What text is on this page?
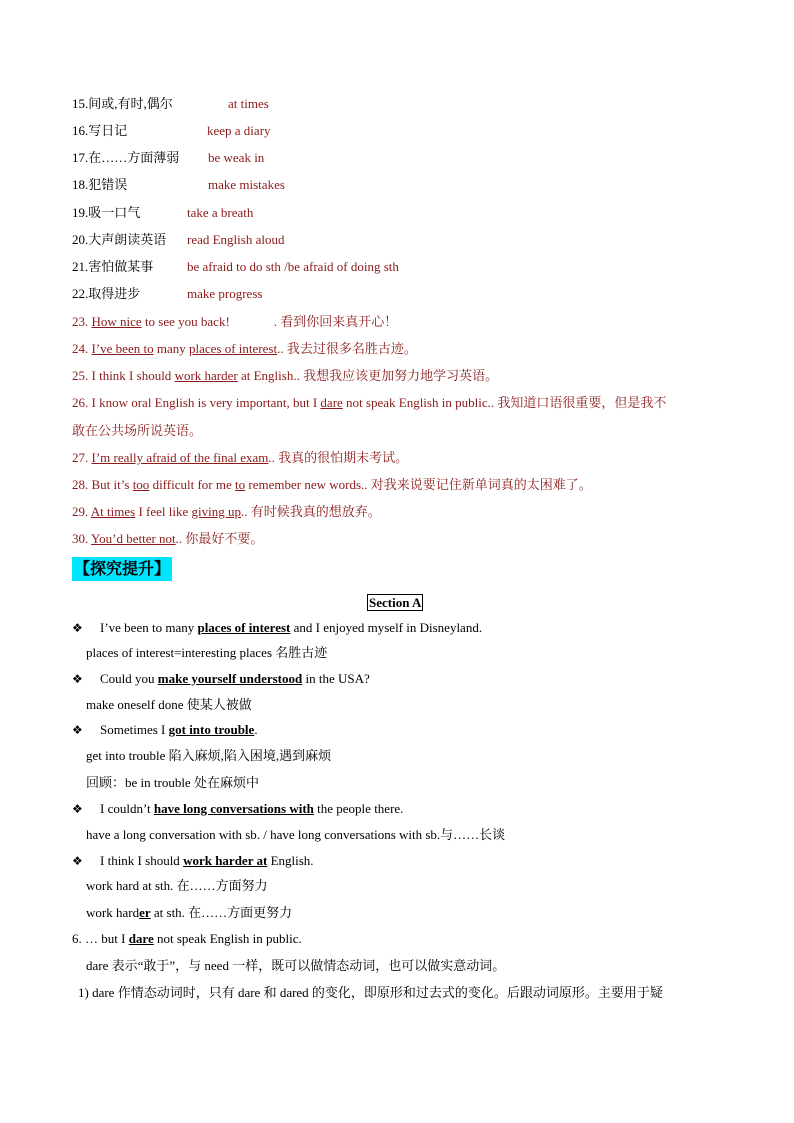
15.间或,有时,偶尔	at times
16.写日记	keep a diary
17.在……方面薄弱 be weak in
18.犯错误	make mistakes
19.吸一口气	take a breath
20.大声朗读英语 read English aloud
21.害怕做某事	be afraid to do sth /be afraid of doing sth
22.取得进步	make progress
23. How nice to see you back!	. 看到你回来真开心！
24. I’ve been to many places of interest.. 我去过很多名胜古迹。
25. I think I should work harder at English.. 我想我应该更加努力地学习英语。
26. I know oral English is very important, but I dare not speak English in public.. 我知道口语很重要，但是我不
敢在公共场所说英语。
27. I’m really afraid of the final exam.. 我真的很怕期末考试。
28. But it’s too difficult for me to remember new words.. 对我来说要记住新单词真的太困难了。
29. At times I feel like giving up.. 有时候我真的想放弃。
30. You’d better not.. 你最好不要。
【探究提升】
Section A
❖ I’ve been to many places of interest and I enjoyed myself in Disneyland.
places of interest=interesting places 名胜古迹
❖ Could you make yourself understood in the USA?
make oneself done 使某人被做
❖ Sometimes I got into trouble.
get into trouble 陷入麻烦,陷入困境,遇到麻烦
回顾：be in trouble 处在麻烦中
❖ I couldn’t have long conversations with the people there.
have a long conversation with sb. / have long conversations with sb.与……长谈
❖ I think I should work harder at English.
work hard at sth. 在……方面努力
work harder at sth. 在……方面更努力
6. … but I dare not speak English in public.
dare 表示“敢于”，与 need 一样，既可以做情态动词，也可以做实意动词。
1) dare 作情态动词时，只有 dare 和 dared 的变化，即原形和过去式的变化。后跟动词原形。主要用于疑
